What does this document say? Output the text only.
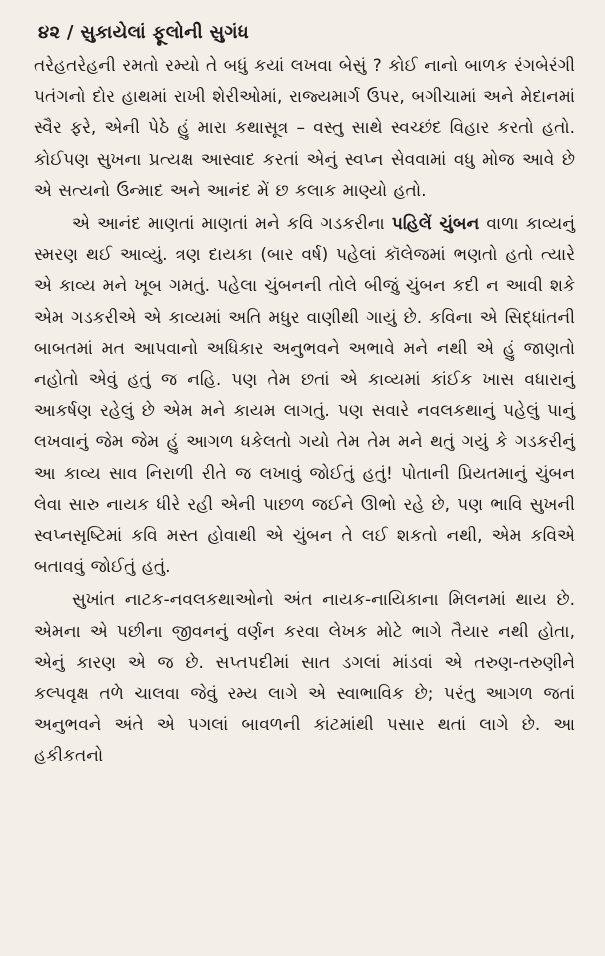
૪૨ / સુકાયેલાં ફૂલોની સુગંધ

તરેહતરેહની રમતો રમ્યો તે બધું કયાં લખવા બેસું ? કોઈ નાનો બાળક રંગબેરંગી પતંગનો દોર હાથમાં રાખી શેરીઓમાં, રાજ્યમાર્ગ ઉપર, બગીચામાં અને મેદાનમાં સ્વૈર ફરે, એની પેઠે હું મારા કથાસૂત્ર – વસ્તુ સાથે સ્વચ્છંદ વિહાર કરતો હતો. કોઈપણ સુખના પ્રત્યક્ષ આસ્વાદ કરતાં એનું સ્વપ્ન સેવવામાં વધુ મોજ આવે છે એ સત્યનો ઉન્માદ અને આનંદ મેં છ કલાક માણ્યો હતો.

એ આનંદ માણતાં માણતાં મને કવિ ગડકરીના પહિલેં ચુંબન વાળા કાવ્યનું સ્મરણ થઈ આવ્યું. ત્રણ દાયકા (બાર વર્ષ) પહેલાં કૉલેજમાં ભણતો હતો ત્યારે એ કાવ્ય મને ખૂબ ગમતું. પહેલા ચુંબનની તોલે બીજું ચુંબન કદી ન આવી શકે એમ ગડકરીએ એ કાવ્યમાં અતિ મધુર વાણીથી ગાયું છે. કવિના એ સિદ્ધાંતની બાબતમાં મત આપવાનો અધિકાર અનુભવને અભાવે મને નથી એ હું જાણતો નહોતો એવું હતું જ નહિ. પણ તેમ છતાં એ કાવ્યમાં કાંઈક ખાસ વધારાનું આકર્ષણ રહેલું છે એમ મને કાયમ લાગતું. પણ સવારે નવલકથાનું પહેલું પાનું લખવાનું જેમ જેમ હું આગળ ધકેલતો ગયો તેમ તેમ મને થતું ગયું કે ગડકરીનું આ કાવ્ય સાવ નિરાળી રીતે જ લખાવું જોઈતું હતું! પોતાની પ્રિયતમાનું ચુંબન લેવા સારુ નાયક ધીરે રહી એની પાછળ જઈને ઊભો રહે છે, પણ ભાવિ સુખની સ્વપ્નસૃષ્ટિમાં કવિ મસ્ત હોવાથી એ ચુંબન તે લઈ શકતો નથી, એમ કવિએ બતાવવું જોઈતું હતું.

સુખાંત નાટક-નવલકથાઓનો અંત નાયક-નાયિકાના મિલનમાં થાય છે. એમના એ પછીના જીવનનું વર્ણન કરવા લેખક મોટે ભાગે તૈયાર નથી હોતા, એનું કારણ એ જ છે. સપ્તપદીમાં સાત ડગલાં માંડવાં એ તરુણ-તરુણીને કલ્પવૃક્ષ તળે ચાલવા જેવું રમ્ય લાગે એ સ્વાભાવિક છે; પરંતુ આગળ જતાં અનુભવને અંતે એ પગલાં બાવળની કાંટમાંથી પસાર થતાં લાગે છે. આ હકીકતનો
